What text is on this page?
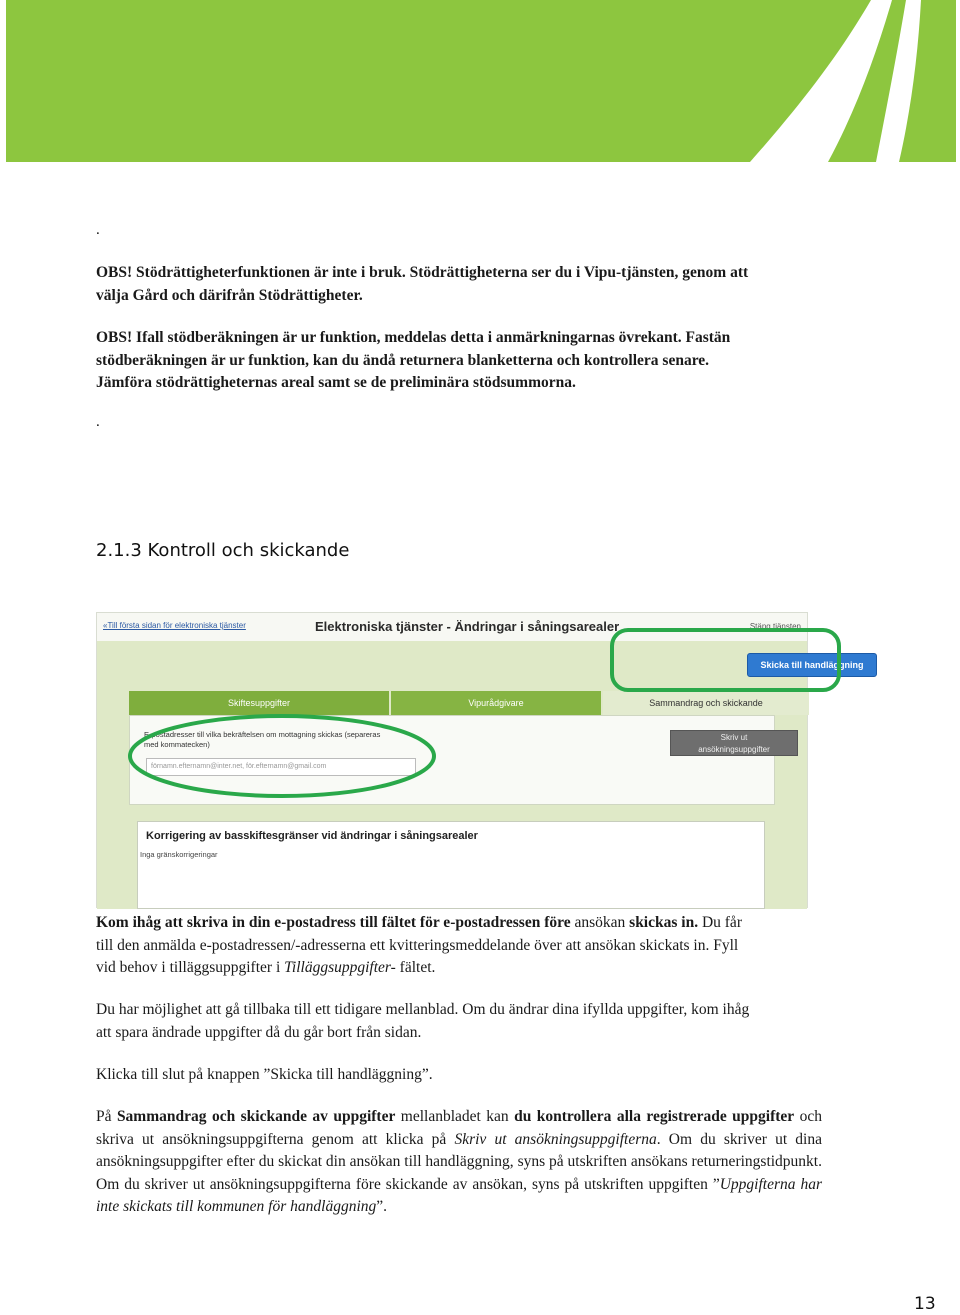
.
OBS! Stödrättigheterfunktionen är inte i bruk. Stödrättigheterna ser du i Vipu-tjänsten, genom att
välja Gård och därifrån Stödrättigheter.
OBS! Ifall stödberäkningen är ur funktion, meddelas detta i anmärkningarnas övrekant. Fastän
stödberäkningen är ur funktion, kan du ändå returnera blanketterna och kontrollera senare.
Jämföra stödrättigheternas areal samt se de preliminära stödsummorna.
.
2.1.3 Kontroll och skickande
«Till första sidan för elektroniska tjänster	Elektroniska tjänster - Ändringar i såningsarealer	Stäng tjänsten
Skicka till handläggning
Skiftesuppgifter	Vipurådgivare	Sammandrag och skickande
E-postadresser till vilka bekräftelsen om mottagning skickas (separeras med kommatecken)
förnamn.efternamn@inter.net, för.efternamn@gmail.com
Skriv ut
ansökningsuppgifter
Korrigering av basskiftesgränser vid ändringar i såningsarealer
Inga gränskorrigeringar
Kom ihåg att skriva in din e-postadress till fältet för e-postadressen före ansökan skickas in. Du får
till den anmälda e-postadressen/-adresserna ett kvitteringsmeddelande över att ansökan skickats in. Fyll
vid behov i tilläggsuppgifter i Tilläggsuppgifter- fältet.
Du har möjlighet att gå tillbaka till ett tidigare mellanblad. Om du ändrar dina ifyllda uppgifter, kom ihåg
att spara ändrade uppgifter då du går bort från sidan.
Klicka till slut på knappen ”Skicka till handläggning”.
På Sammandrag och skickande av uppgifter mellanbladet kan du kontrollera alla registrerade uppgifter och skriva ut ansökningsuppgifterna genom att klicka på Skriv ut ansökningsuppgifterna. Om du skriver ut dina ansökningsuppgifter efter du skickat din ansökan till handläggning, syns på utskriften ansökans returneringstidpunkt. Om du skriver ut ansökningsuppgifterna före skickande av ansökan, syns på utskriften uppgiften ”Uppgifterna har inte skickats till kommunen för handläggning”.
13
